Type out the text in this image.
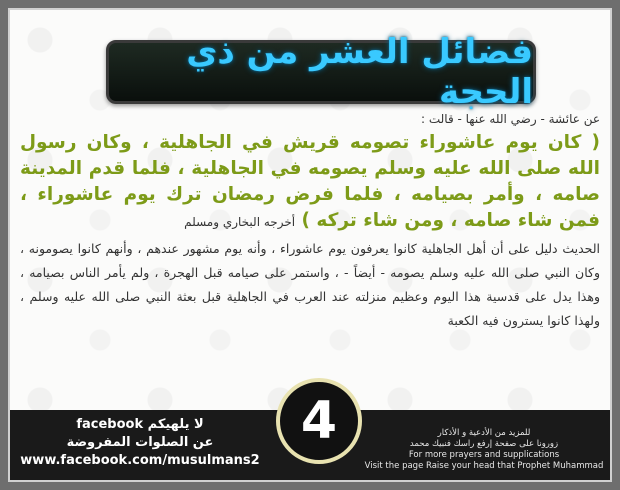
فضائل العشر من ذي الحجة

عن عائشة - رضي الله عنها - قالت :

( كان يوم عاشوراء تصومه قريش في الجاهلية ، وكان رسول الله صلى الله عليه وسلم يصومه في الجاهلية ، فلما قدم المدينة صامه ، وأمر بصيامه ، فلما فرض رمضان ترك يوم عاشوراء ، فمن شاء صامه ، ومن شاء تركه ) أخرجه البخاري ومسلم

الحديث دليل على أن أهل الجاهلية كانوا يعرفون يوم عاشوراء ، وأنه يوم مشهور عندهم ، وأنهم كانوا يصومونه ، وكان النبي صلى الله عليه وسلم يصومه - أيضاً - ، واستمر على صيامه قبل الهجرة ، ولم يأمر الناس بصيامه ، وهذا يدل على قدسية هذا اليوم وعظيم منزلته عند العرب في الجاهلية قبل بعثة النبي صلى الله عليه وسلم ، ولهذا كانوا يسترون فيه الكعبة

لا يلهيكم facebook
عن الصلوات المفروضة
www.facebook.com/musulmans2
للمزيد من الأدعية و الأذكار
زورونا على صفحة إرفع راسك فنبيك محمد
For more prayers and supplications
Visit the page Raise your head that Prophet Muhammad
4
